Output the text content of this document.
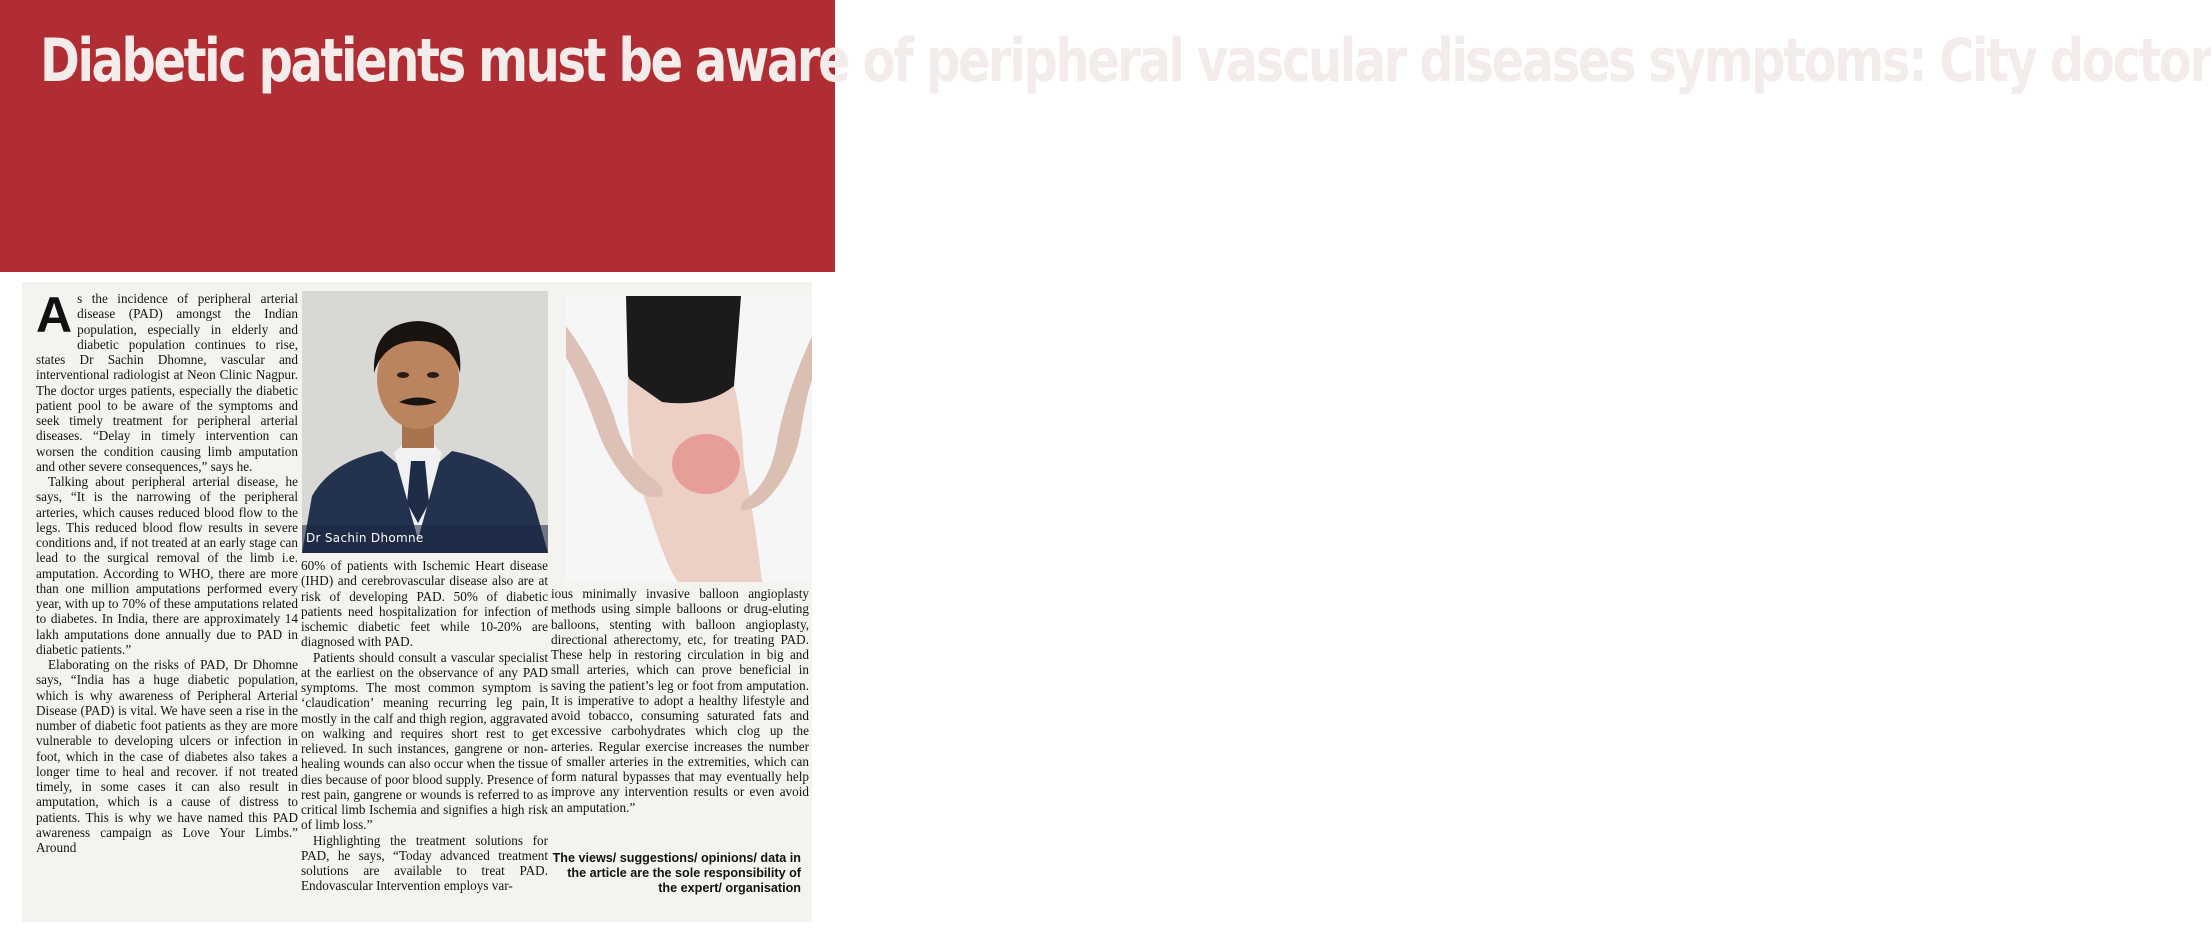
Diabetic patients must be aware of peripheral vascular diseases symptoms: City doctor

As the incidence of peripheral arterial disease (PAD) amongst the Indian population, especially in elderly and diabetic population continues to rise, states Dr Sachin Dhomne, vascular and interventional radiologist at Neon Clinic Nagpur. The doctor urges patients, especially the diabetic patient pool to be aware of the symptoms and seek timely treatment for peripheral arterial diseases. “Delay in timely intervention can worsen the condition causing limb amputation and other severe consequences,” says he.

Talking about peripheral arterial disease, he says, “It is the narrowing of the peripheral arteries, which causes reduced blood flow to the legs. This reduced blood flow results in severe conditions and, if not treated at an early stage can lead to the surgical removal of the limb i.e. amputation. According to WHO, there are more than one million amputations performed every year, with up to 70% of these amputations related to diabetes. In India, there are approximately 14 lakh amputations done annually due to PAD in diabetic patients.”

Elaborating on the risks of PAD, Dr Dhomne says, “India has a huge diabetic population, which is why awareness of Peripheral Arterial Disease (PAD) is vital. We have seen a rise in the number of diabetic foot patients as they are more vulnerable to developing ulcers or infection in foot, which in the case of diabetes also takes a longer time to heal and recover. if not treated timely, in some cases it can also result in amputation, which is a cause of distress to patients. This is why we have named this PAD awareness campaign as Love Your Limbs.” Around

Dr Sachin Dhomne

60% of patients with Ischemic Heart disease (IHD) and cerebrovascular disease also are at risk of developing PAD. 50% of diabetic patients need hospitalization for infection of ischemic diabetic feet while 10-20% are diagnosed with PAD.

Patients should consult a vascular specialist at the earliest on the observance of any PAD symptoms. The most common symptom is ‘claudication’ meaning recurring leg pain, mostly in the calf and thigh region, aggravated on walking and requires short rest to get relieved. In such instances, gangrene or non-healing wounds can also occur when the tissue dies because of poor blood supply. Presence of rest pain, gangrene or wounds is referred to as critical limb Ischemia and signifies a high risk of limb loss.”

Highlighting the treatment solutions for PAD, he says, “Today advanced treatment solutions are available to treat PAD. Endovascular Intervention employs var-

ious minimally invasive balloon angioplasty methods using simple balloons or drug-eluting balloons, stenting with balloon angioplasty, directional atherectomy, etc, for treating PAD. These help in restoring circulation in big and small arteries, which can prove beneficial in saving the patient’s leg or foot from amputation. It is imperative to adopt a healthy lifestyle and avoid tobacco, consuming saturated fats and excessive carbohydrates which clog up the arteries. Regular exercise increases the number of smaller arteries in the extremities, which can form natural bypasses that may eventually help improve any intervention results or even avoid an amputation.”

The views/ suggestions/ opinions/ data in the article are the sole responsibility of the expert/ organisation
